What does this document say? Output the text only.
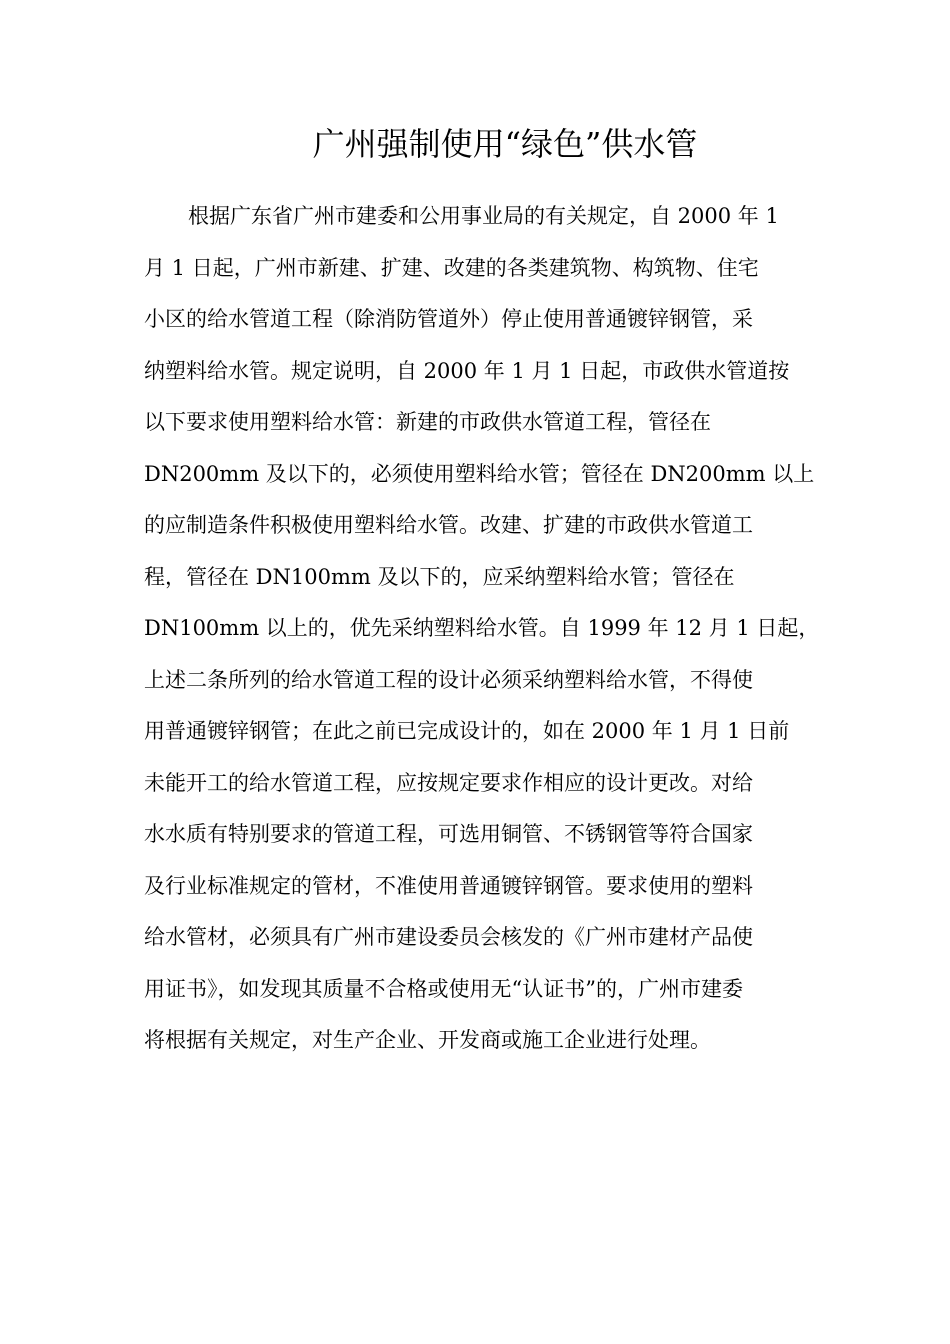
广州强制使用“绿色”供水管
根据广东省广州市建委和公用事业局的有关规定，自 2000 年 1
月 1 日起，广州市新建、扩建、改建的各类建筑物、构筑物、住宅
小区的给水管道工程（除消防管道外）停止使用普通镀锌钢管，采
纳塑料给水管。规定说明，自 2000 年 1 月 1 日起，市政供水管道按
以下要求使用塑料给水管：新建的市政供水管道工程，管径在
DN200mm 及以下的，必须使用塑料给水管；管径在 DN200mm 以上
的应制造条件积极使用塑料给水管。改建、扩建的市政供水管道工
程，管径在 DN100mm 及以下的，应采纳塑料给水管；管径在
DN100mm 以上的，优先采纳塑料给水管。自 1999 年 12 月 1 日起，
上述二条所列的给水管道工程的设计必须采纳塑料给水管，不得使
用普通镀锌钢管；在此之前已完成设计的，如在 2000 年 1 月 1 日前
未能开工的给水管道工程，应按规定要求作相应的设计更改。对给
水水质有特别要求的管道工程，可选用铜管、不锈钢管等符合国家
及行业标准规定的管材，不准使用普通镀锌钢管。要求使用的塑料
给水管材，必须具有广州市建设委员会核发的《广州市建材产品使
用证书》，如发现其质量不合格或使用无“认证书”的，广州市建委
将根据有关规定，对生产企业、开发商或施工企业进行处理。
